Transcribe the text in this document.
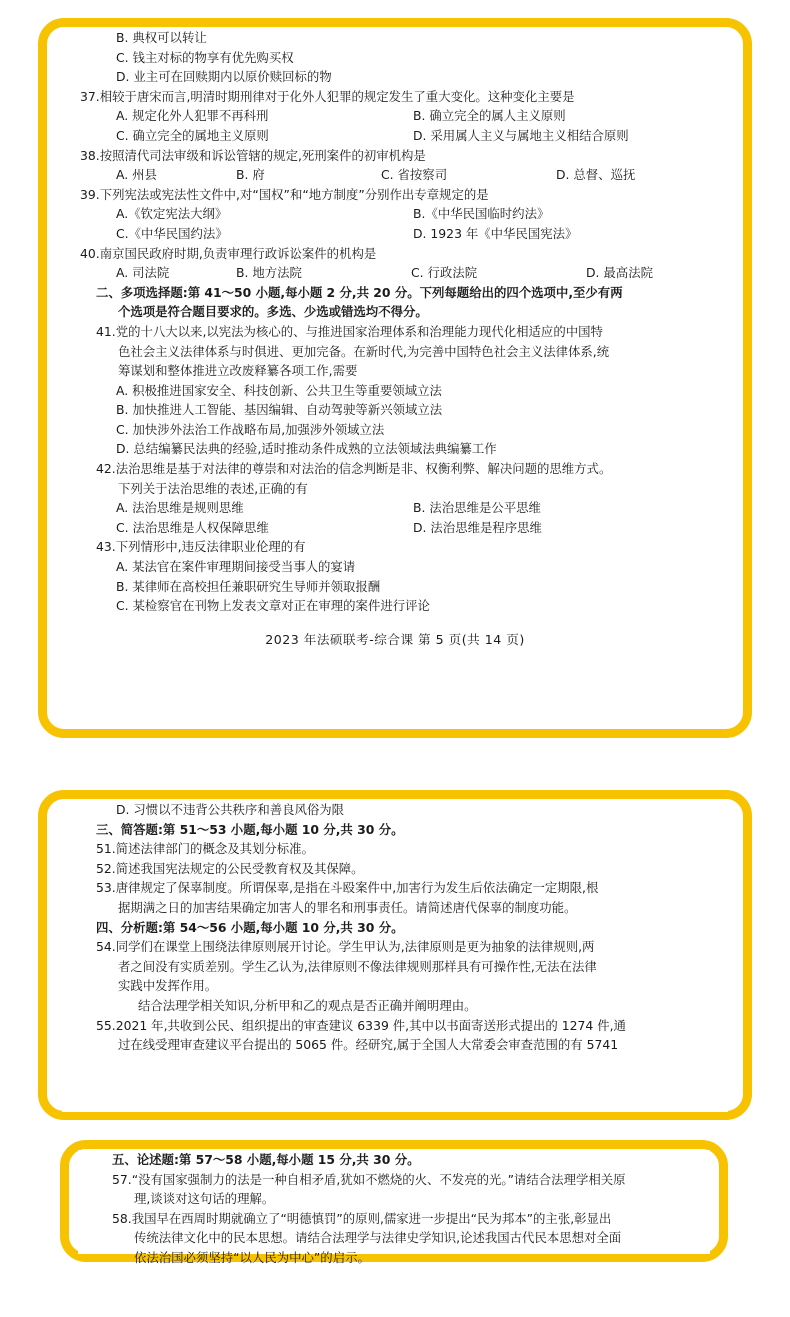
B. 典权可以转让
C. 钱主对标的物享有优先购买权
D. 业主可在回赎期内以原价赎回标的物
37.相较于唐宋而言,明清时期刑律对于化外人犯罪的规定发生了重大变化。这种变化主要是
A. 规定化外人犯罪不再科刑	B. 确立完全的属人主义原则
C. 确立完全的属地主义原则	D. 采用属人主义与属地主义相结合原则
38.按照清代司法审级和诉讼管辖的规定,死刑案件的初审机构是
A. 州县	B. 府	C. 省按察司	D. 总督、巡抚
39.下列宪法或宪法性文件中,对“国权”和“地方制度”分别作出专章规定的是
A.《钦定宪法大纲》	B.《中华民国临时约法》
C.《中华民国约法》	D. 1923 年《中华民国宪法》
40.南京国民政府时期,负责审理行政诉讼案件的机构是
A. 司法院	B. 地方法院	C. 行政法院	D. 最高法院
二、多项选择题:第 41～50 小题,每小题 2 分,共 20 分。下列每题给出的四个选项中,至少有两
个选项是符合题目要求的。多选、少选或错选均不得分。
41.党的十八大以来,以宪法为核心的、与推进国家治理体系和治理能力现代化相适应的中国特
色社会主义法律体系与时俱进、更加完备。在新时代,为完善中国特色社会主义法律体系,统
筹谋划和整体推进立改废释纂各项工作,需要
A. 积极推进国家安全、科技创新、公共卫生等重要领域立法
B. 加快推进人工智能、基因编辑、自动驾驶等新兴领域立法
C. 加快涉外法治工作战略布局,加强涉外领域立法
D. 总结编纂民法典的经验,适时推动条件成熟的立法领域法典编纂工作
42.法治思维是基于对法律的尊崇和对法治的信念判断是非、权衡利弊、解决问题的思维方式。
下列关于法治思维的表述,正确的有
A. 法治思维是规则思维	B. 法治思维是公平思维
C. 法治思维是人权保障思维	D. 法治思维是程序思维
43.下列情形中,违反法律职业伦理的有
A. 某法官在案件审理期间接受当事人的宴请
B. 某律师在高校担任兼职研究生导师并领取报酬
C. 某检察官在刊物上发表文章对正在审理的案件进行评论
2023 年法硕联考-综合课 第 5 页(共 14 页)
D. 习惯以不违背公共秩序和善良风俗为限
三、简答题:第 51～53 小题,每小题 10 分,共 30 分。
51.简述法律部门的概念及其划分标准。
52.简述我国宪法规定的公民受教育权及其保障。
53.唐律规定了保辜制度。所谓保辜,是指在斗殴案件中,加害行为发生后依法确定一定期限,根
据期满之日的加害结果确定加害人的罪名和刑事责任。请简述唐代保辜的制度功能。
四、分析题:第 54～56 小题,每小题 10 分,共 30 分。
54.同学们在课堂上围绕法律原则展开讨论。学生甲认为,法律原则是更为抽象的法律规则,两
者之间没有实质差别。学生乙认为,法律原则不像法律规则那样具有可操作性,无法在法律
实践中发挥作用。
结合法理学相关知识,分析甲和乙的观点是否正确并阐明理由。
55.2021 年,共收到公民、组织提出的审查建议 6339 件,其中以书面寄送形式提出的 1274 件,通
过在线受理审查建议平台提出的 5065 件。经研究,属于全国人大常委会审查范围的有 5741
五、论述题:第 57～58 小题,每小题 15 分,共 30 分。
57.“没有国家强制力的法是一种自相矛盾,犹如不燃烧的火、不发亮的光。”请结合法理学相关原
理,谈谈对这句话的理解。
58.我国早在西周时期就确立了“明德慎罚”的原则,儒家进一步提出“民为邦本”的主张,彰显出
传统法律文化中的民本思想。请结合法理学与法律史学知识,论述我国古代民本思想对全面
依法治国必须坚持“以人民为中心”的启示。
